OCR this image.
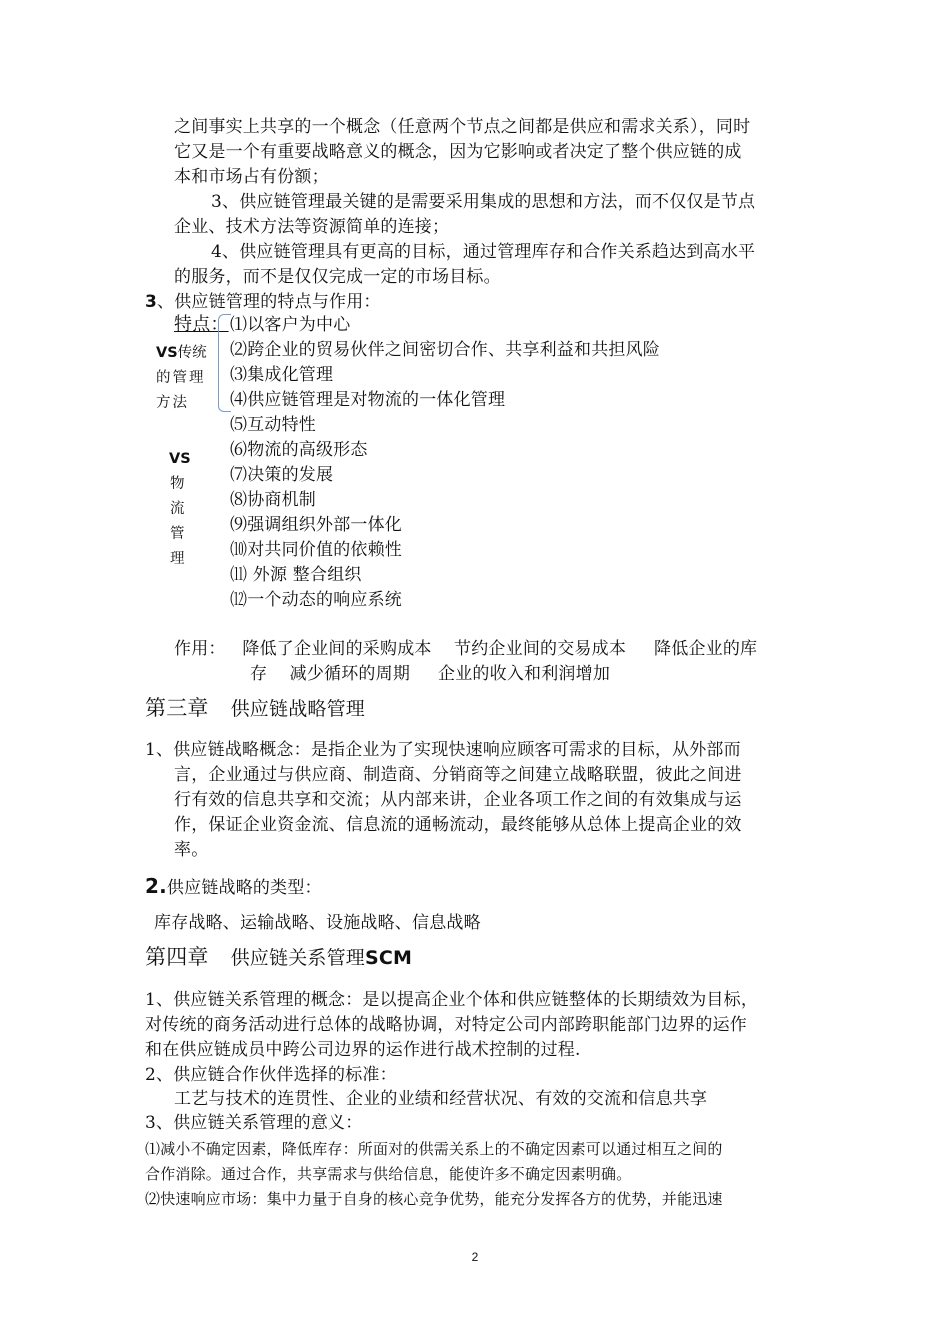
之间事实上共享的一个概念（任意两个节点之间都是供应和需求关系），同时
它又是一个有重要战略意义的概念，因为它影响或者决定了整个供应链的成
本和市场占有份额；
3、供应链管理最关键的是需要采用集成的思想和方法，而不仅仅是节点
企业、技术方法等资源简单的连接；
4、供应链管理具有更高的目标，通过管理库存和合作关系趋达到高水平
的服务，而不是仅仅完成一定的市场目标。
3、供应链管理的特点与作用：
特点：
VS传统
的管理
方法
VS
物
流
管
理
⑴以客户为中心
⑵跨企业的贸易伙伴之间密切合作、共享利益和共担风险
⑶集成化管理
⑷供应链管理是对物流的一体化管理
⑸互动特性
⑹物流的高级形态
⑺决策的发展
⑻协商机制
⑼强调组织外部一体化
⑽对共同价值的依赖性
⑾ 外源 整合组织
⑿一个动态的响应系统
作用：   降低了企业间的采购成本    节约企业间的交易成本     降低企业的库
存    减少循环的周期     企业的收入和利润增加
第三章 供应链战略管理
1、供应链战略概念：是指企业为了实现快速响应顾客可需求的目标，从外部而
言，企业通过与供应商、制造商、分销商等之间建立战略联盟，彼此之间进
行有效的信息共享和交流；从内部来讲，企业各项工作之间的有效集成与运
作，保证企业资金流、信息流的通畅流动，最终能够从总体上提高企业的效
率。
2.供应链战略的类型：
库存战略、运输战略、设施战略、信息战略
第四章 供应链关系管理SCM
1、供应链关系管理的概念：是以提高企业个体和供应链整体的长期绩效为目标，
对传统的商务活动进行总体的战略协调，对特定公司内部跨职能部门边界的运作
和在供应链成员中跨公司边界的运作进行战术控制的过程.
2、供应链合作伙伴选择的标准：
工艺与技术的连贯性、企业的业绩和经营状况、有效的交流和信息共享
3、供应链关系管理的意义：
⑴减小不确定因素，降低库存：所面对的供需关系上的不确定因素可以通过相互之间的
合作消除。通过合作，共享需求与供给信息，能使许多不确定因素明确。
⑵快速响应市场：集中力量于自身的核心竞争优势，能充分发挥各方的优势，并能迅速
2
